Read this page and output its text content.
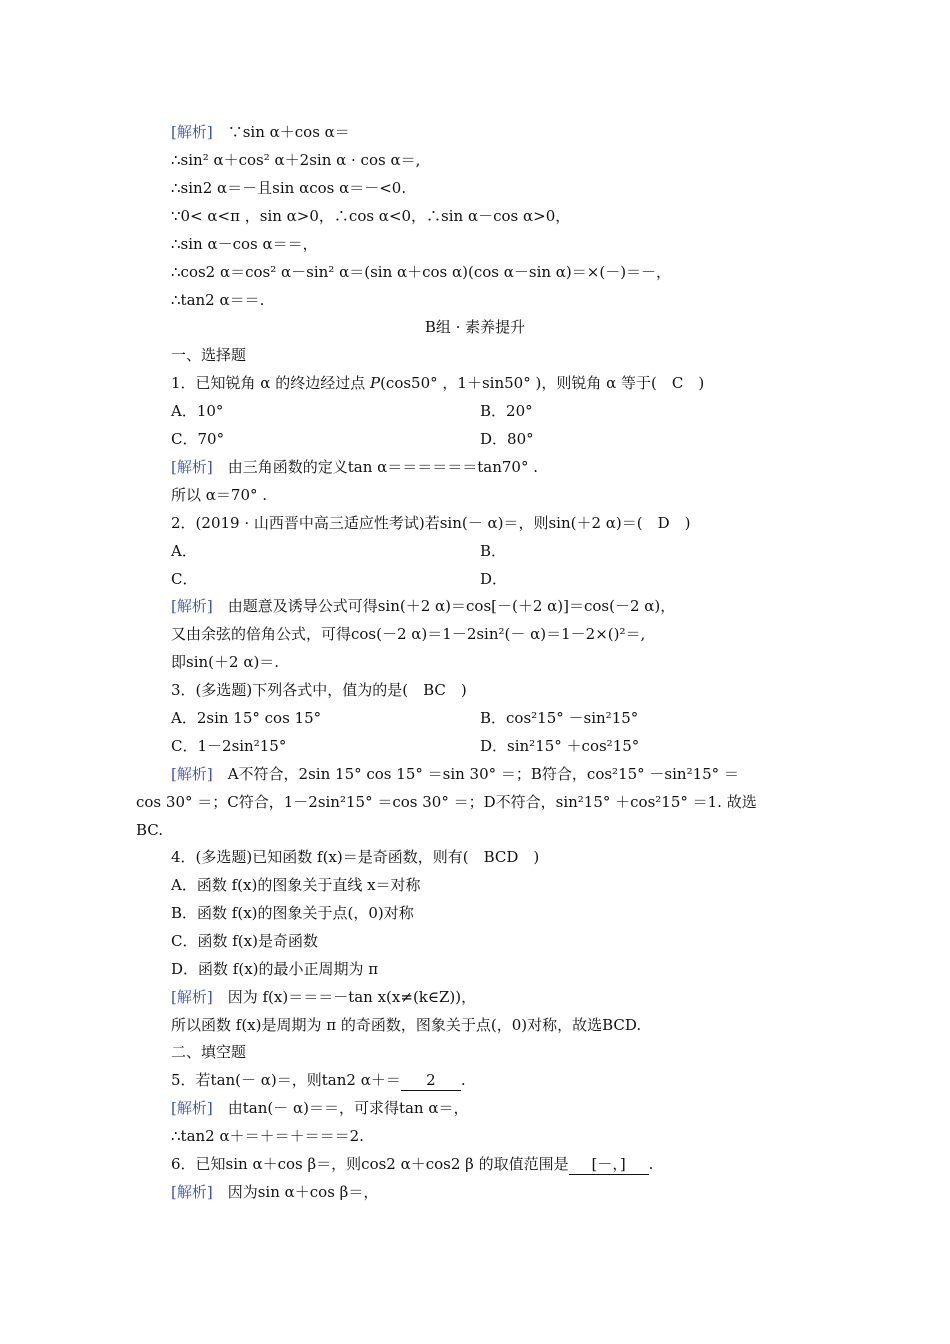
[解析]　∵sin α＋cos α＝
∴sin² α＋cos² α＋2sin α · cos α＝,
∴sin2 α＝－且sin αcos α＝－<0.
∵0< α<π ，sin α>0，∴cos α<0，∴sin α－cos α>0，
∴sin α－cos α＝＝，
∴cos2 α＝cos² α－sin² α＝(sin α＋cos α)(cos α－sin α)＝×(－)＝－，
∴tan2 α＝＝.
B组 · 素养提升
一、选择题
1．已知锐角 α 的终边经过点 P(cos50° ，1＋sin50° )，则锐角 α 等于(　C　)
A．10°	B．20°
C．70°	D．80°
[解析]　由三角函数的定义tan α＝＝＝＝＝＝tan70° .
所以 α＝70° .
2．(2019 · 山西晋中高三适应性考试)若sin(－ α)＝，则sin(＋2 α)＝(　D　)
A．	B．
C．	D．
[解析]　由题意及诱导公式可得sin(＋2 α)＝cos[－(＋2 α)]＝cos(－2 α)，
又由余弦的倍角公式，可得cos(－2 α)＝1－2sin²(－ α)＝1－2×()²＝,
即sin(＋2 α)＝.
3．(多选题)下列各式中，值为的是(　BC　)
A．2sin 15° cos 15°	B．cos²15° －sin²15°
C．1－2sin²15°	D．sin²15° ＋cos²15°
[解析]　A不符合，2sin 15° cos 15° ＝sin 30° ＝；B符合，cos²15° －sin²15° ＝
cos 30° ＝；C符合，1－2sin²15° ＝cos 30° ＝；D不符合，sin²15° ＋cos²15° ＝1. 故选
BC.
4．(多选题)已知函数 f(x)＝是奇函数，则有(　BCD　)
A．函数 f(x)的图象关于直线 x＝对称
B．函数 f(x)的图象关于点(，0)对称
C．函数 f(x)是奇函数
D．函数 f(x)的最小正周期为 π
[解析]　因为 f(x)＝＝＝－tan x(x≠(k∈Z))，
所以函数 f(x)是周期为 π 的奇函数，图象关于点(，0)对称，故选BCD.
二、填空题
5．若tan(－ α)＝，则tan2 α＋＝ 2 .
[解析]　由tan(－ α)＝＝，可求得tan α＝，
∴tan2 α＋＝＋＝＋＝＝＝2.
6．已知sin α＋cos β＝，则cos2 α＋cos2 β 的取值范围是 [－，] .
[解析]　因为sin α＋cos β＝，
